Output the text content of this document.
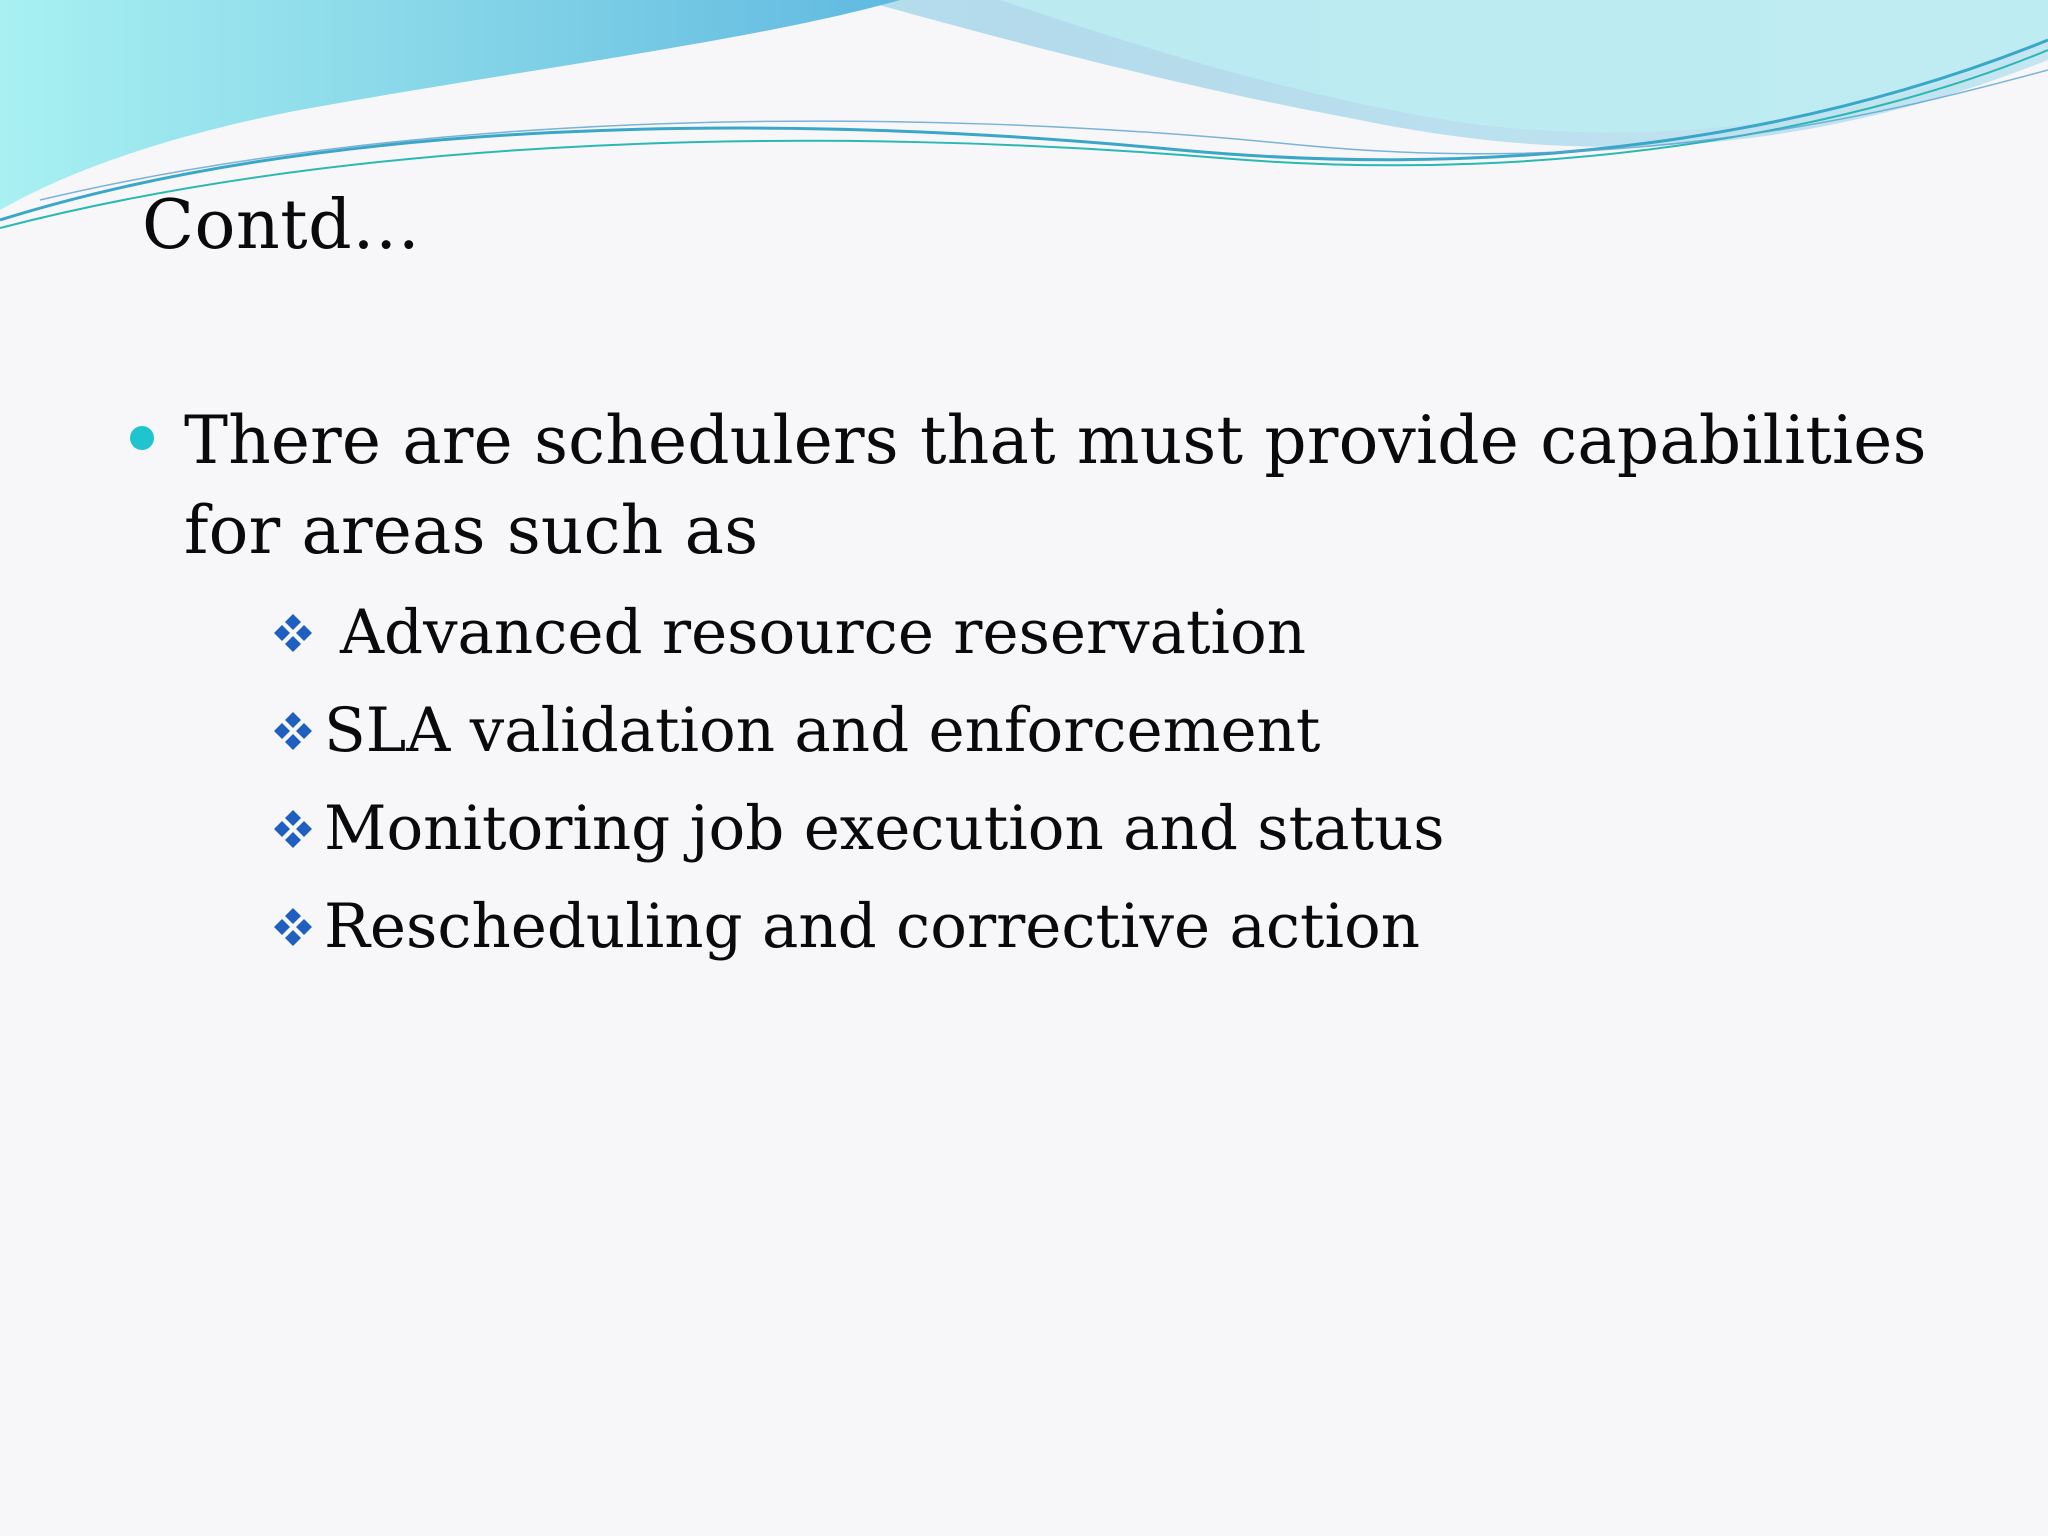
Contd…
There are schedulers that must provide capabilities for areas such as
Advanced resource reservation
SLA validation and enforcement
Monitoring job execution and status
Rescheduling and corrective action
